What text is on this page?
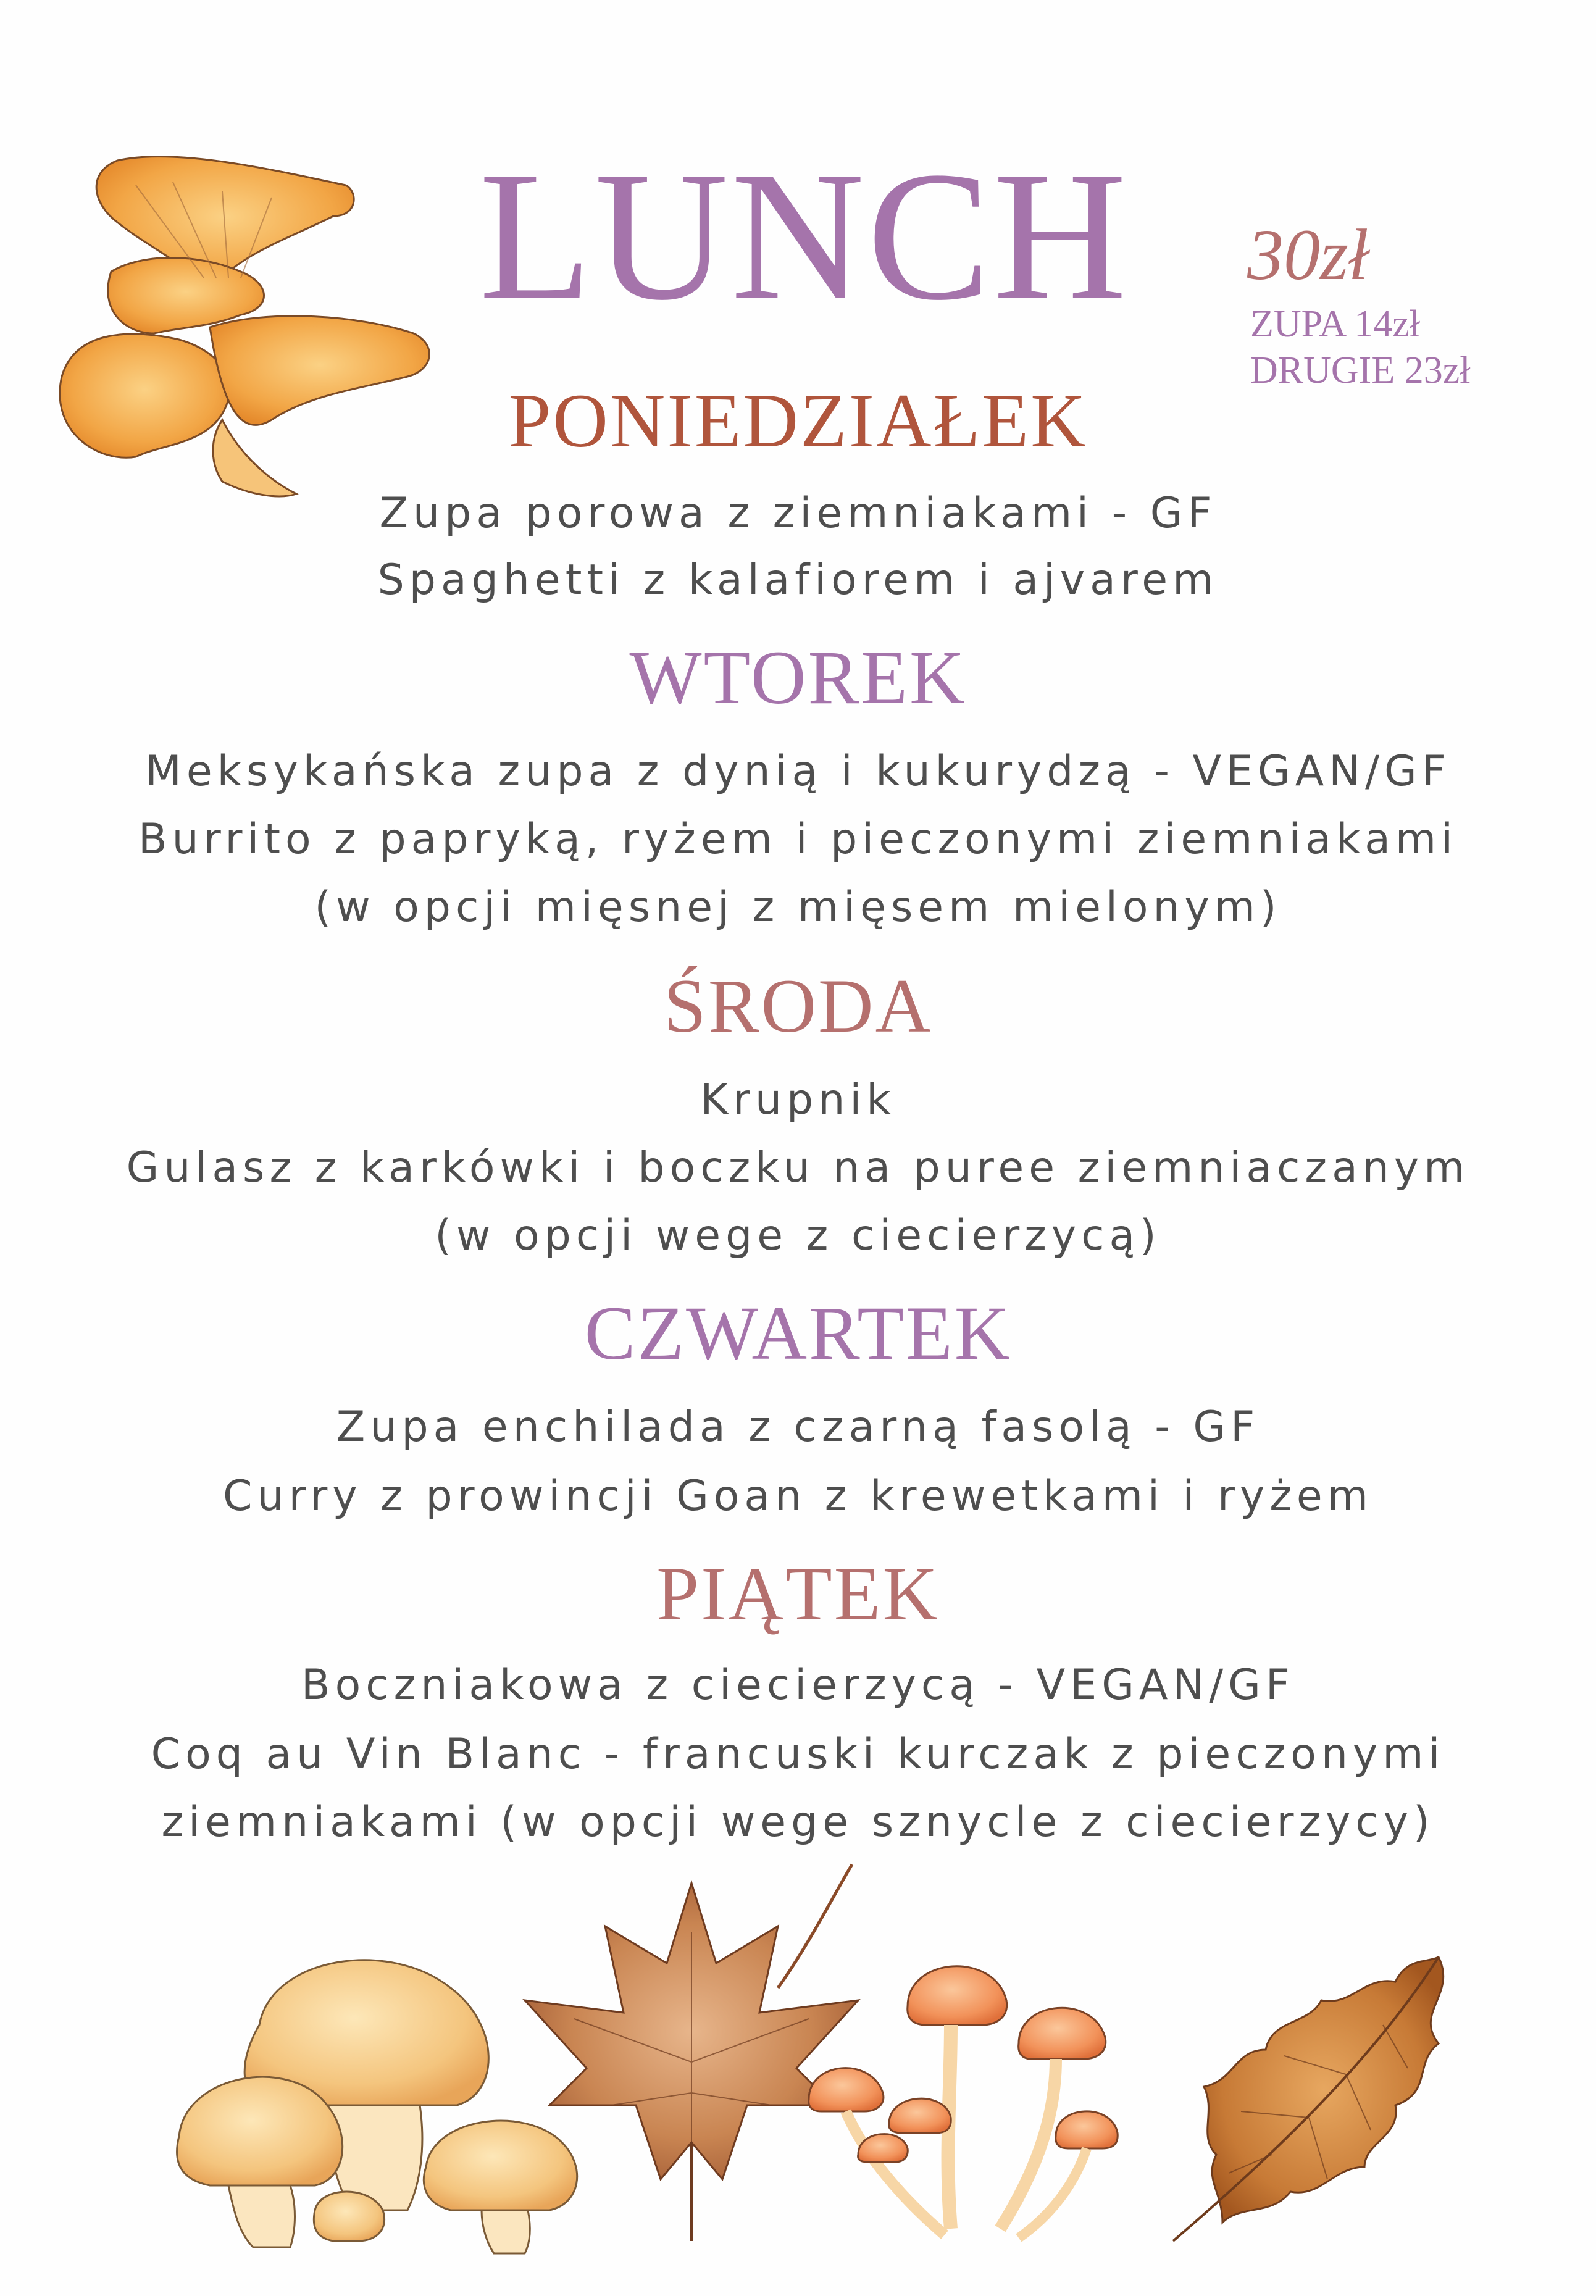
LUNCH	30zł
ZUPA 14zł
DRUGIE 23zł
PONIEDZIAŁEK
Zupa porowa z ziemniakami - GF
Spaghetti z kalafiorem i ajvarem
WTOREK
Meksykańska zupa z dynią i kukurydzą - VEGAN/GF
Burrito z papryką, ryżem i pieczonymi ziemniakami
(w opcji mięsnej z mięsem mielonym)
ŚRODA
Krupnik
Gulasz z karkówki i boczku na puree ziemniaczanym
(w opcji wege z ciecierzycą)
CZWARTEK
Zupa enchilada z czarną fasolą - GF
Curry z prowincji Goan z krewetkami i ryżem
PIĄTEK
Boczniakowa z ciecierzycą - VEGAN/GF
Coq au Vin Blanc - francuski kurczak z pieczonymi
ziemniakami (w opcji wege sznycle z ciecierzycy)
